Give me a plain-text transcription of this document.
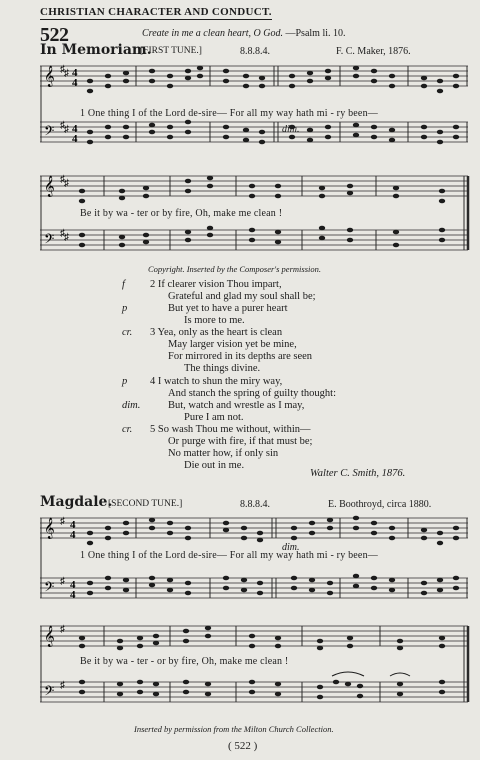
CHRISTIAN CHARACTER AND CONDUCT.
522	Create in me a clean heart, O God. —Psalm li. 10.
In Memoriam.
[FIRST TUNE.]	8.8.8.4.	F. C. Maker, 1876.
𝄞
𝄢
♯ ♯
♯ ♯
4
4
4
4
1 One thing I of the Lord de-sire— For all my way hath mi - ry been—
dim.
𝄞
𝄢
♯ ♯
♯ ♯
Be it by wa - ter or by fire, Oh, make me clean !
Copyright. Inserted by the Composer's permission.
f 2 If clearer vision Thou impart,
Grateful and glad my soul shall be;
p	But yet to have a purer heart
Is more to me.
cr. 3 Yea, only as the heart is clean
May larger vision yet be mine,
For mirrored in its depths are seen
The things divine.
p 4 I watch to shun the miry way,
And stanch the spring of guilty thought:
dim.	But, watch and wrestle as I may,
Pure I am not.
cr. 5 So wash Thou me without, within—
Or purge with fire, if that must be;
No matter how, if only sin
Die out in me.
Walter C. Smith, 1876.
Magdale.
[SECOND TUNE.]	8.8.8.4.	E. Boothroyd, circa 1880.
𝄞
𝄢
♯
♯
4
4
4
4
1 One thing I of the Lord de-sire— For all my way hath mi - ry been—
dim.
𝄞
𝄢
♯
♯
Be it by wa - ter - or by fire, Oh, make me clean !
Inserted by permission from the Milton Church Collection.
( 522 )
